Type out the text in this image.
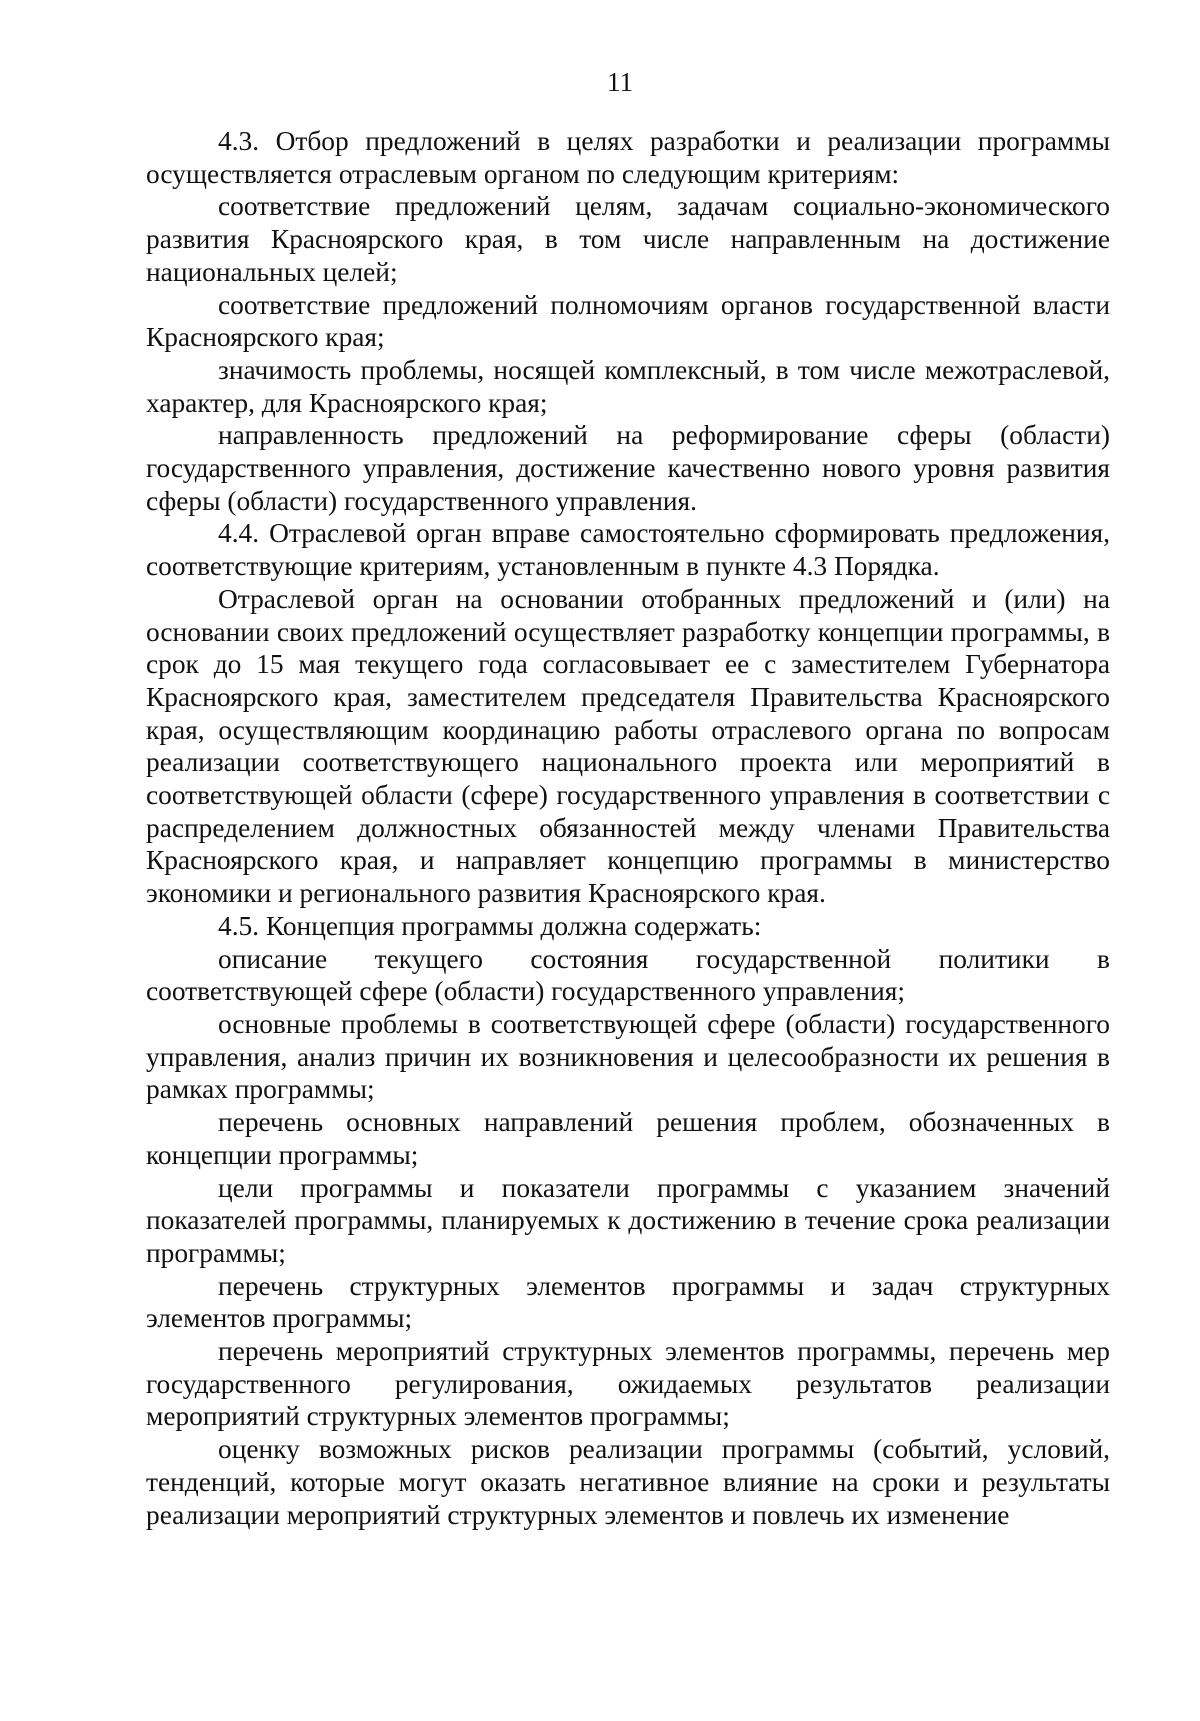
11

4.3. Отбор предложений в целях разработки и реализации программы осуществляется отраслевым органом по следующим критериям:

соответствие предложений целям, задачам социально-экономического развития Красноярского края, в том числе направленным на достижение национальных целей;

соответствие предложений полномочиям органов государственной власти Красноярского края;

значимость проблемы, носящей комплексный, в том числе межотраслевой, характер, для Красноярского края;

направленность предложений на реформирование сферы (области) государственного управления, достижение качественно нового уровня развития сферы (области) государственного управления.

4.4. Отраслевой орган вправе самостоятельно сформировать предложения, соответствующие критериям, установленным в пункте 4.3 Порядка.

Отраслевой орган на основании отобранных предложений и (или) на основании своих предложений осуществляет разработку концепции программы, в срок до 15 мая текущего года согласовывает ее с заместителем Губернатора Красноярского края, заместителем председателя Правительства Красноярского края, осуществляющим координацию работы отраслевого органа по вопросам реализации соответствующего национального проекта или мероприятий в соответствующей области (сфере) государственного управления в соответствии с распределением должностных обязанностей между членами Правительства Красноярского края, и направляет концепцию программы в министерство экономики и регионального развития Красноярского края.

4.5. Концепция программы должна содержать:

описание текущего состояния государственной политики в соответствующей сфере (области) государственного управления;

основные проблемы в соответствующей сфере (области) государственного управления, анализ причин их возникновения и целесообразности их решения в рамках программы;

перечень основных направлений решения проблем, обозначенных в концепции программы;

цели программы и показатели программы с указанием значений показателей программы, планируемых к достижению в течение срока реализации программы;

перечень структурных элементов программы и задач структурных элементов программы;

перечень мероприятий структурных элементов программы, перечень мер государственного регулирования, ожидаемых результатов реализации мероприятий структурных элементов программы;

оценку возможных рисков реализации программы (событий, условий, тенденций, которые могут оказать негативное влияние на сроки и результаты реализации мероприятий структурных элементов и повлечь их изменение
